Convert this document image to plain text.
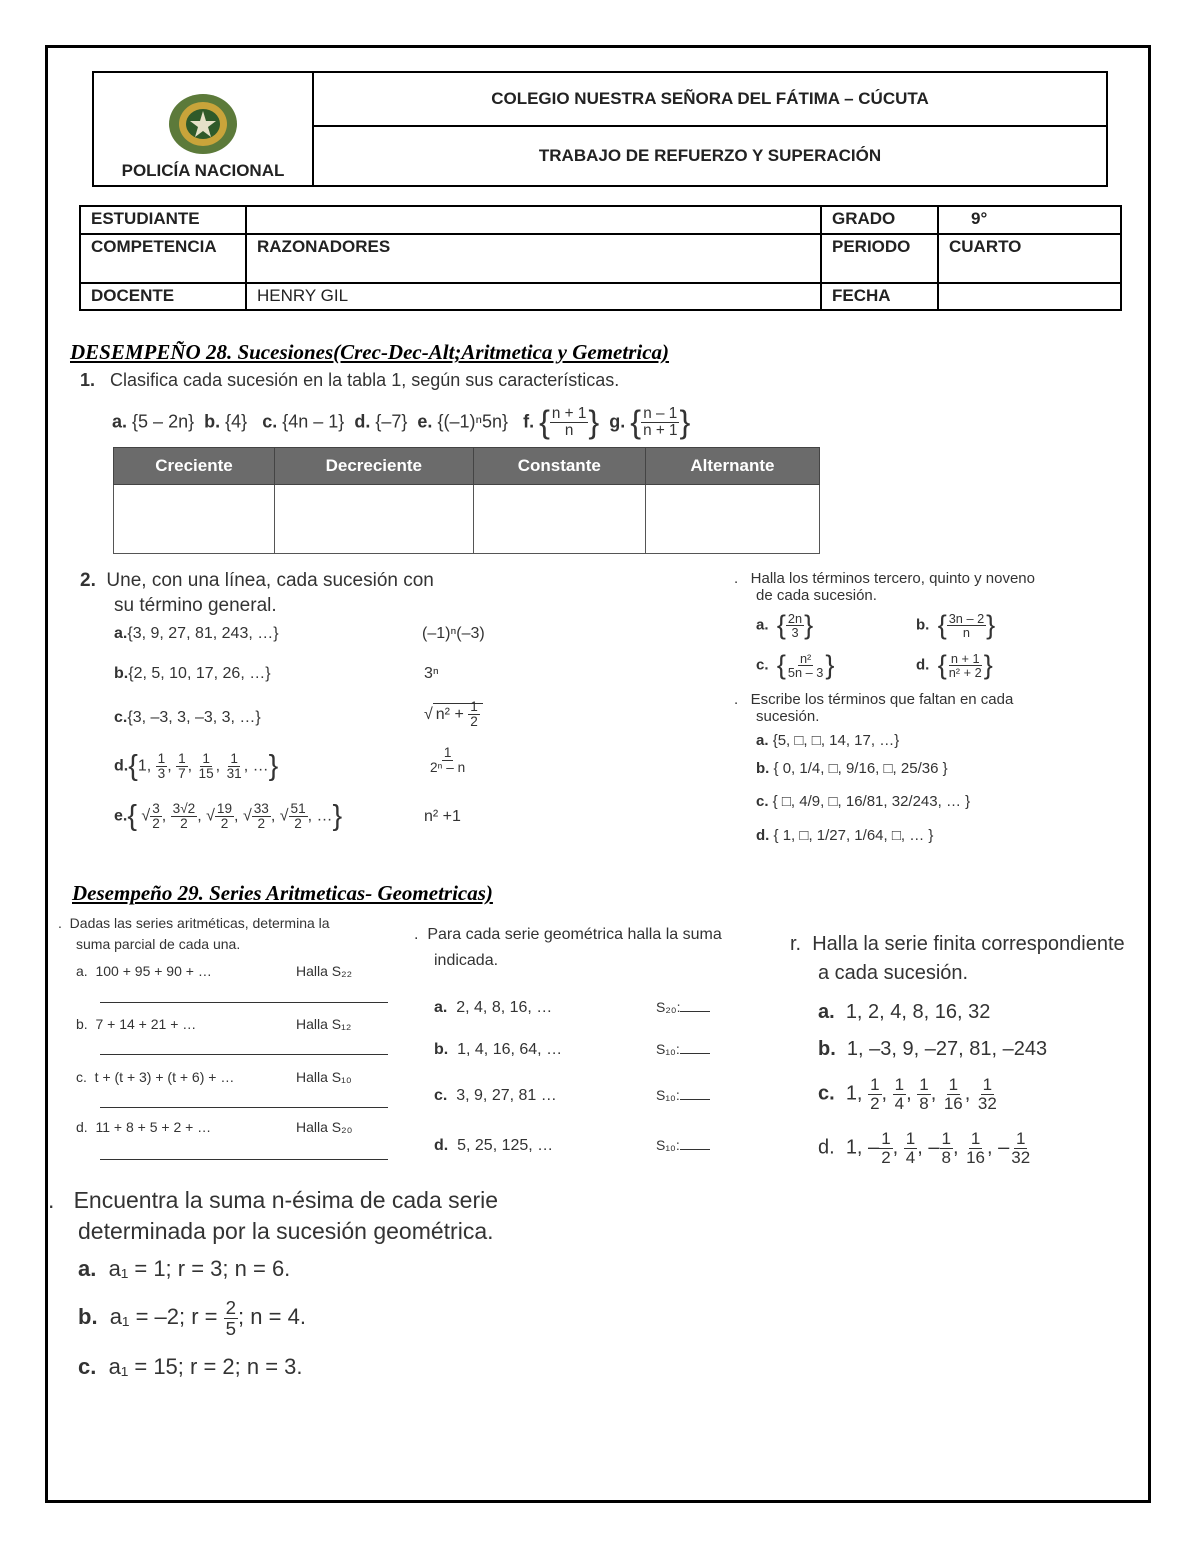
POLICÍA NACIONAL	COLEGIO NUESTRA SEÑORA DEL FÁTIMA – CÚCUTA
TRABAJO DE REFUERZO Y SUPERACIÓN
ESTUDIANTE		GRADO	9°
COMPETENCIA	RAZONADORES	PERIODO	CUARTO
DOCENTE	HENRY GIL	FECHA	
DESEMPEÑO 28. Sucesiones(Crec-Dec-Alt;Aritmetica y Gemetrica)
1. Clasifica cada sucesión en la tabla 1, según sus características.
a. {5 – 2n} b. {4} c. {4n – 1} d. {–7} e. {(–1)ⁿ5n} f. { $\frac{n + 1}{n}$ } g. { $\frac{n - 1}{n + 1}$ }
Creciente	Decreciente	Constante	Alternante

2. Une, con una línea, cada sucesión con
su término general.
a.{3, 9, 27, 81, 243, …}	(–1)ⁿ(–3)
b.{2, 5, 10, 17, 26, …}	3ⁿ
c.{3, –3, 3, –3, 3, …}	√ $n^2 + \frac{1}{2}$
d.{1, $\frac{1}{3}$ , $\frac{1}{7}$ , $\frac{1}{15}$ , $\frac{1}{31}$ , …}	$\frac{1}{\text{2ⁿ – n}}$
e.{ √ $\frac{3}{2}$ , $\frac{3√2}{2}$ , √ $\frac{19}{2}$ , √ $\frac{33}{2}$ , √ $\frac{51}{2}$ , …}	n² +1
.   Halla los términos tercero, quinto y noveno
de cada sucesión.
a. { $\frac{2n}{3}$ }	b. { $\frac{3n - 2}{n}$ }
c. { $\frac{\text{n²}}{5n - 3}$ }	d. { $\frac{n + 1}{\text{n² + 2}}$ }
.   Escribe los términos que faltan en cada
sucesión.
a. {5, □, □, 14, 17, …}
b. { 0, 1/4, □, 9/16, □, 25/36 }
c. { □, 4/9, □, 16/81, 32/243, … }
d. { 1, □, 1/27, 1/64, □, … }
Desempeño 29. Series Aritmeticas- Geometricas)
.  Dadas las series aritméticas, determina la
suma parcial de cada una.
a. 100 + 95 + 90 + …	Halla S₂₂
b. 7 + 14 + 21 + …	Halla S₁₂
c. t + (t + 3) + (t + 6) + …	Halla S₁₀
d. 11 + 8 + 5 + 2 + …	Halla S₂₀
.  Para cada serie geométrica halla la suma
indicada.
a. 2, 4, 8, 16, …	S₂₀:
b. 1, 4, 16, 64, …	S₁₀:
c. 3, 9, 27, 81 …	S₁₀:
d. 5, 25, 125, …	S₁₀:
r.  Halla la serie finita correspondiente
a cada sucesión.
a. 1, 2, 4, 8, 16, 32
b. 1, –3, 9, –27, 81, –243
c. 1, $\frac{1}{2}$ , $\frac{1}{4}$ , $\frac{1}{8}$ , $\frac{1}{16}$ , $\frac{1}{32}$
d. 1, – $\frac{1}{2}$ , $\frac{1}{4}$ , – $\frac{1}{8}$ , $\frac{1}{16}$ , – $\frac{1}{32}$
.   Encuentra la suma n-ésima de cada serie
determinada por la sucesión geométrica.
a. a₁ = 1; r = 3; n = 6.
b. a₁ = –2; $r = \frac{2}{5}$ ; n = 4.
c. a₁ = 15; r = 2; n = 3.
